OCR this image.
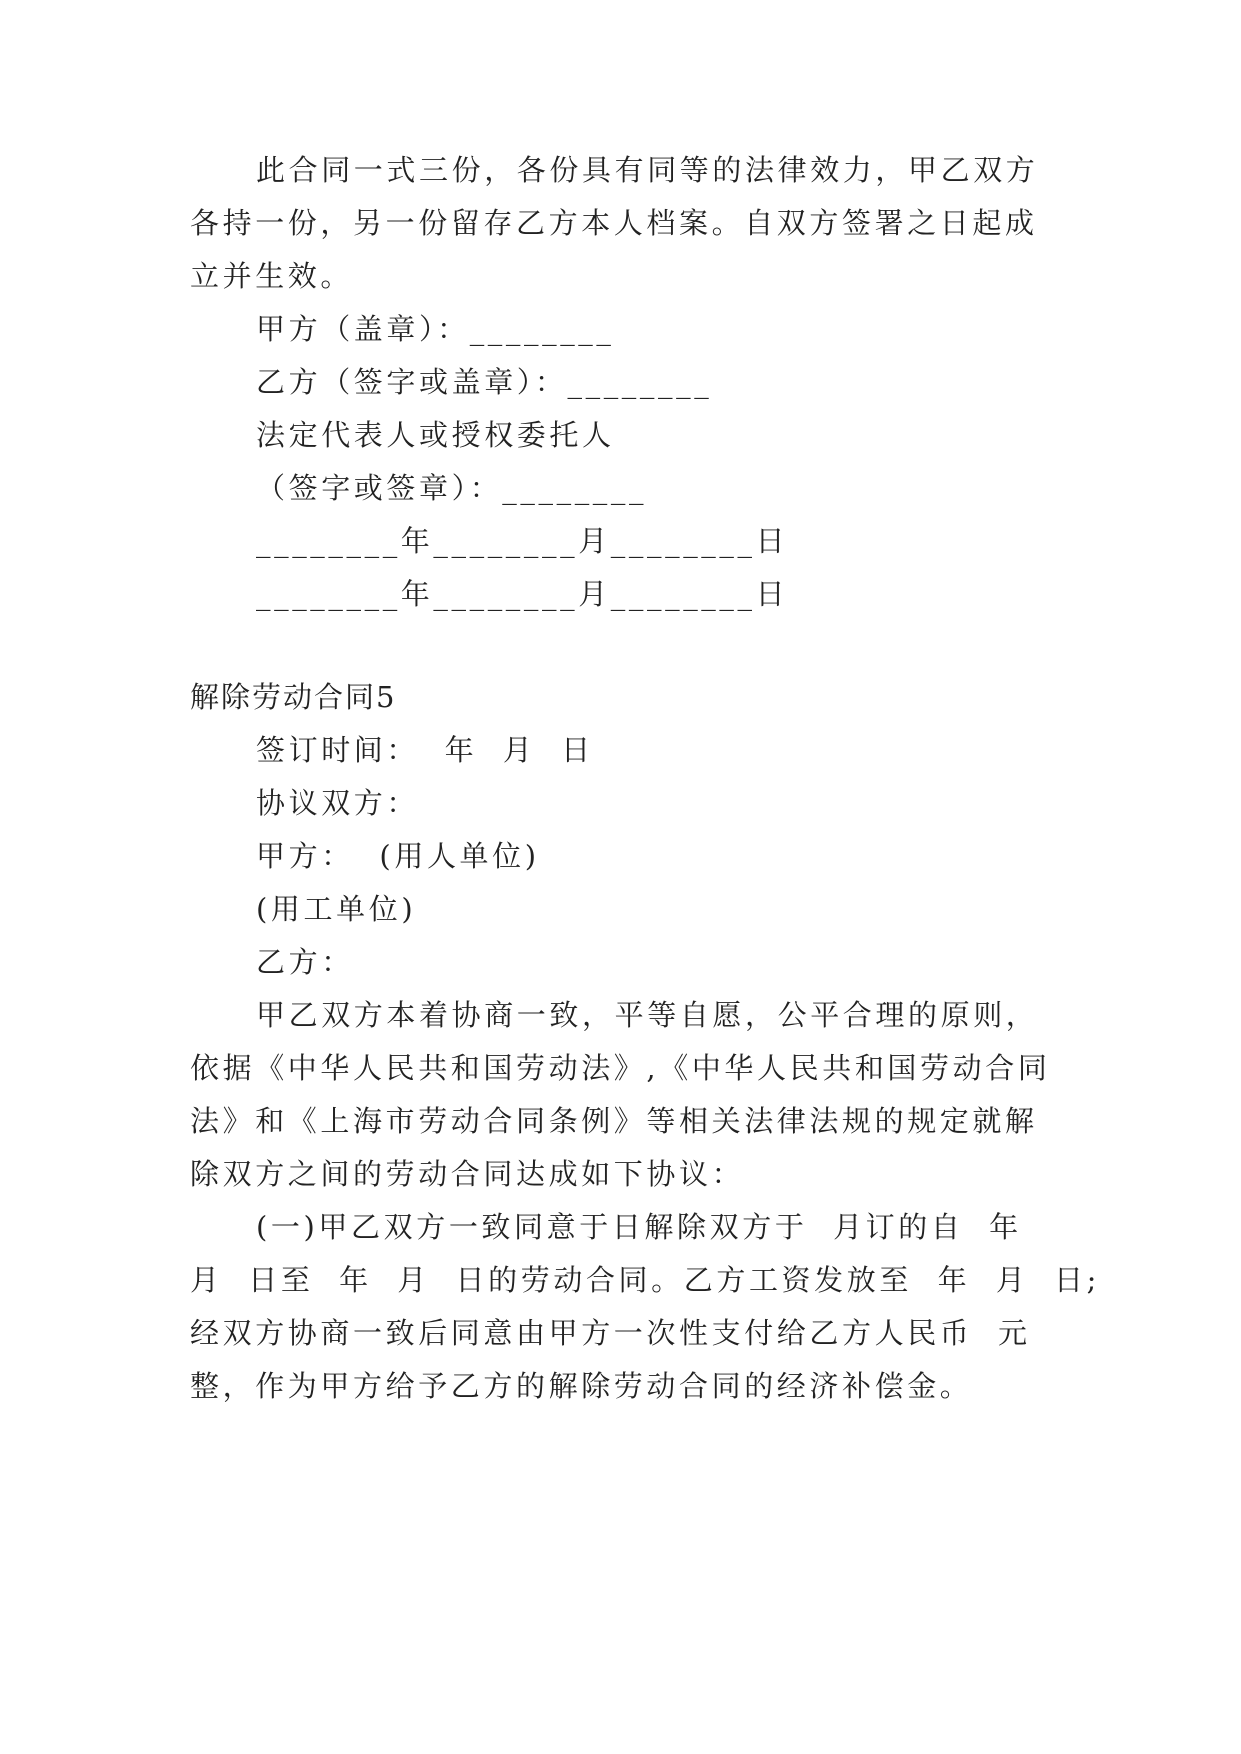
此合同一式三份，各份具有同等的法律效力，甲乙双方
各持一份，另一份留存乙方本人档案。自双方签署之日起成
立并生效。
甲方（盖章）：________
乙方（签字或盖章）：________
法定代表人或授权委托人
（签字或签章）：________
________年________月________日
________年________月________日
解除劳动合同5
签订时间：  年  月  日
协议双方：
甲方：  (用人单位)
(用工单位)
乙方：
甲乙双方本着协商一致，平等自愿，公平合理的原则，
依据《中华人民共和国劳动法》,《中华人民共和国劳动合同
法》和《上海市劳动合同条例》等相关法律法规的规定就解
除双方之间的劳动合同达成如下协议：
(一)甲乙双方一致同意于日解除双方于  月订的自  年
月  日至  年  月  日的劳动合同。乙方工资发放至  年  月  日;
经双方协商一致后同意由甲方一次性支付给乙方人民币  元
整，作为甲方给予乙方的解除劳动合同的经济补偿金。
